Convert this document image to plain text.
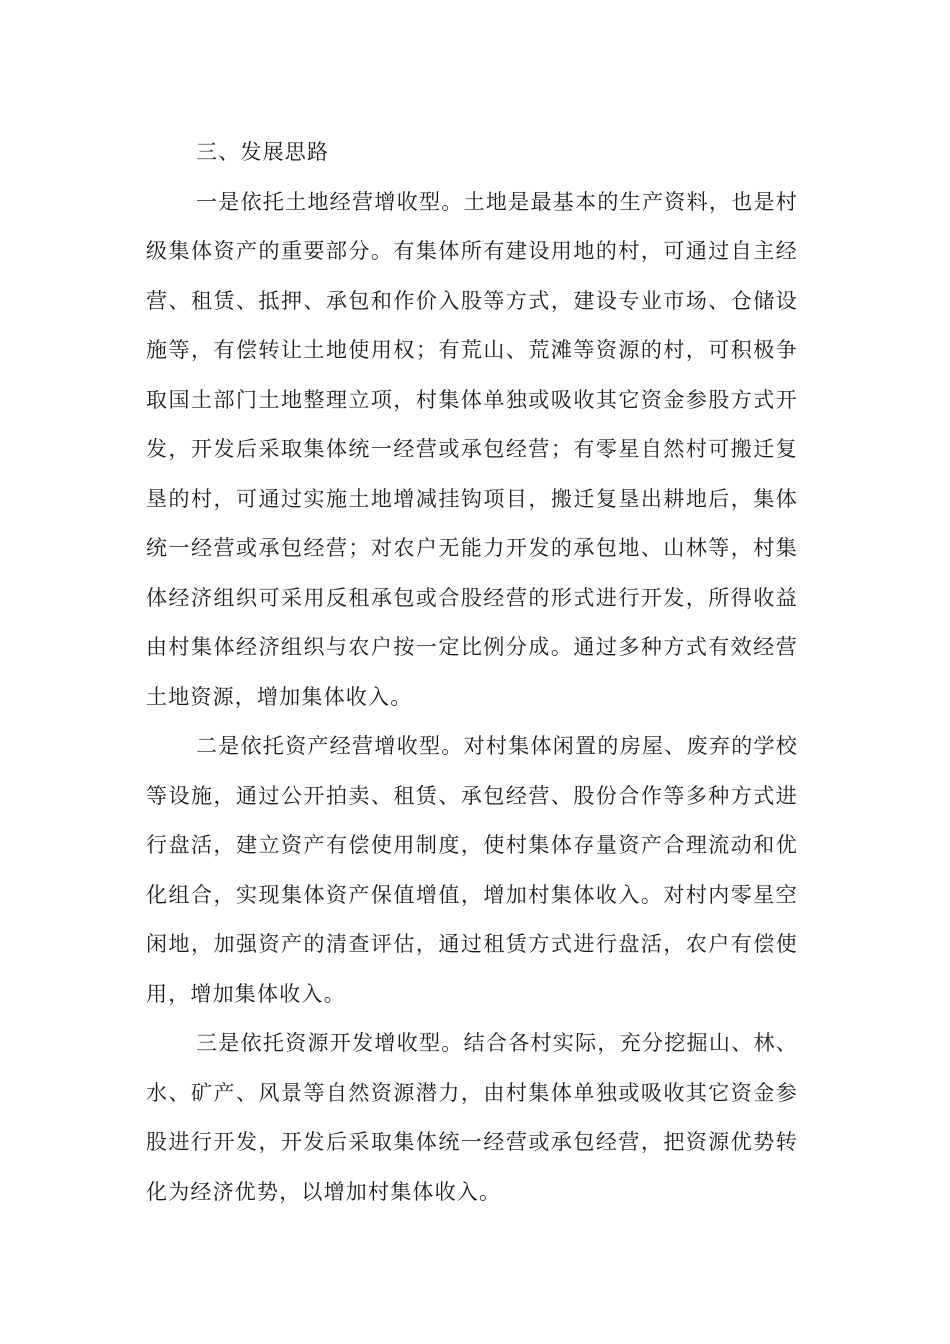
三、发展思路

一是依托土地经营增收型。土地是最基本的生产资料，也是村级集体资产的重要部分。有集体所有建设用地的村，可通过自主经营、租赁、抵押、承包和作价入股等方式，建设专业市场、仓储设施等，有偿转让土地使用权；有荒山、荒滩等资源的村，可积极争取国土部门土地整理立项，村集体单独或吸收其它资金参股方式开发，开发后采取集体统一经营或承包经营；有零星自然村可搬迁复垦的村，可通过实施土地增减挂钩项目，搬迁复垦出耕地后，集体统一经营或承包经营；对农户无能力开发的承包地、山林等，村集体经济组织可采用反租承包或合股经营的形式进行开发，所得收益由村集体经济组织与农户按一定比例分成。通过多种方式有效经营土地资源，增加集体收入。

二是依托资产经营增收型。对村集体闲置的房屋、废弃的学校等设施，通过公开拍卖、租赁、承包经营、股份合作等多种方式进行盘活，建立资产有偿使用制度，使村集体存量资产合理流动和优化组合，实现集体资产保值增值，增加村集体收入。对村内零星空闲地，加强资产的清查评估，通过租赁方式进行盘活，农户有偿使用，增加集体收入。

三是依托资源开发增收型。结合各村实际，充分挖掘山、林、水、矿产、风景等自然资源潜力，由村集体单独或吸收其它资金参股进行开发，开发后采取集体统一经营或承包经营，把资源优势转化为经济优势，以增加村集体收入。
